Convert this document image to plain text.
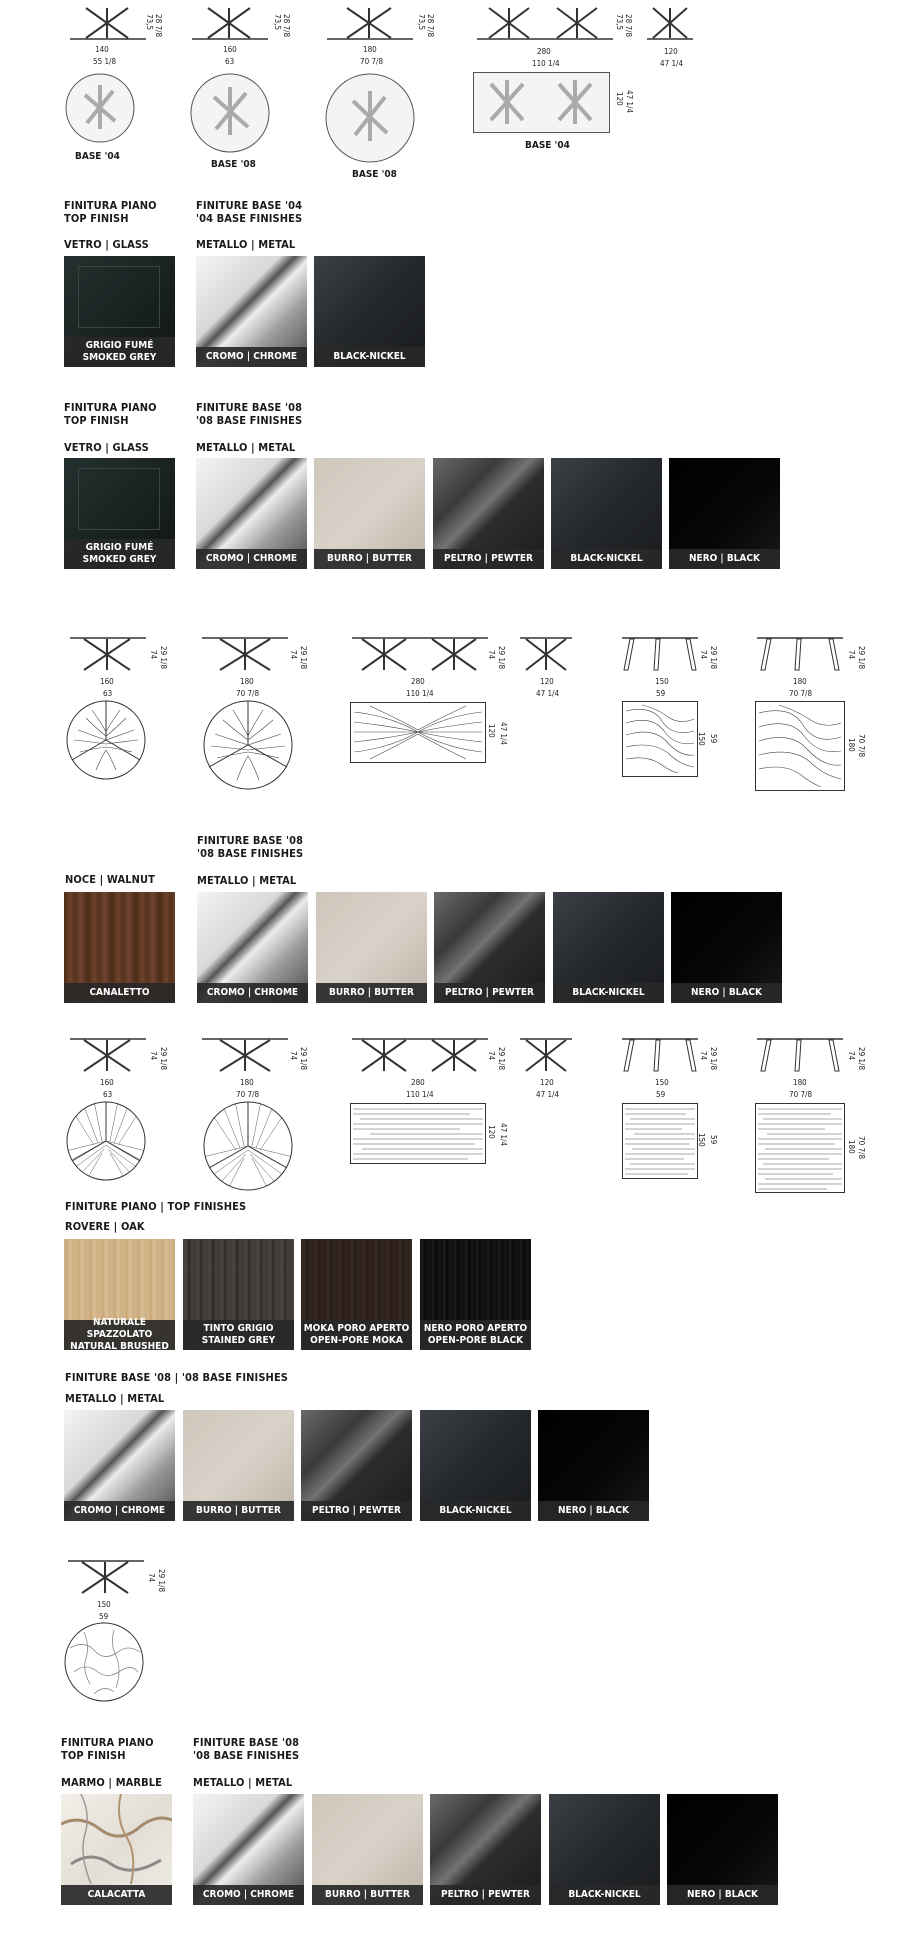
140
55 1/8
73,5 28 7/8
BASE '04
160
63
73,5 28 7/8
BASE '08
180
70 7/8
73,5 28 7/8
BASE '08
280
110 1/4
73,5 28 7/8
120
47 1/4
120 47 1/4
BASE '04
FINITURA PIANO
TOP FINISH
VETRO | GLASS
FINITURE BASE '04
'04 BASE FINISHES
METALLO | METAL
GRIGIO FUMÉ
SMOKED GREY	CROMO | CHROME	BLACK-NICKEL
FINITURA PIANO
TOP FINISH
VETRO | GLASS
FINITURE BASE '08
'08 BASE FINISHES
METALLO | METAL
GRIGIO FUMÉ
SMOKED GREY	CROMO | CHROME	BURRO | BUTTER	PELTRO | PEWTER	BLACK-NICKEL	NERO | BLACK
160
63
74 29 1/8
180
70 7/8
74 29 1/8
280
110 1/4
74 29 1/8
120
47 1/4
120 47 1/4
150
59
74 29 1/8
150 59
180
70 7/8
74 29 1/8
180 70 7/8
FINITURE BASE '08
'08 BASE FINISHES
NOCE | WALNUT	METALLO | METAL
CANALETTO	CROMO | CHROME	BURRO | BUTTER	PELTRO | PEWTER	BLACK-NICKEL	NERO | BLACK
160
63
74 29 1/8
180
70 7/8
74 29 1/8
280
110 1/4
74 29 1/8
120
47 1/4
120 47 1/4
150
59
74 29 1/8
150 59
180
70 7/8
74 29 1/8
180 70 7/8
FINITURE PIANO | TOP FINISHES
ROVERE | OAK
NATURALE SPAZZOLATO
NATURAL BRUSHED
TINTO GRIGIO
STAINED GREY
MOKA PORO APERTO
OPEN-PORE MOKA
NERO PORO APERTO
OPEN-PORE BLACK
FINITURE BASE '08 | '08 BASE FINISHES
METALLO | METAL
CROMO | CHROME	BURRO | BUTTER	PELTRO | PEWTER	BLACK-NICKEL	NERO | BLACK
150
59
74 29 1/8
FINITURA PIANO
TOP FINISH
MARMO | MARBLE
FINITURE BASE '08
'08 BASE FINISHES
METALLO | METAL
CALACATTA	CROMO | CHROME	BURRO | BUTTER	PELTRO | PEWTER	BLACK-NICKEL	NERO | BLACK
